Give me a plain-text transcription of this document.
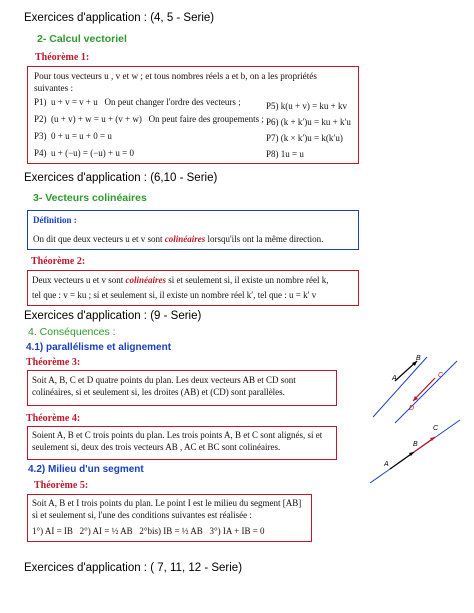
Exercices d'application : (4, 5 - Serie)
2- Calcul vectoriel
Théorème 1:
Pour tous vecteurs u , v et w ; et tous nombres réels a et b, on a les propriétés suivantes :
P1) u + v = v + u On peut changer l'ordre des vecteurs ;
P2) (u + v) + w = u + (v + w) On peut faire des groupements ;
P3) 0 + u = u + 0 = u
P4) u + (−u) = (−u) + u = 0
P5) k(u + v) = ku + kv
P6) (k + k′)u = ku + k′u
P7) (k × k′)u = k(k′u)
P8) 1u = u
Exercices d'application : (6,10 - Serie)
3- Vecteurs colinéaires
Définition :
On dit que deux vecteurs u et v sont colinéaires lorsqu'ils ont la même direction.
Théorème 2:
Deux vecteurs u et v sont colinéaires si et seulement si, il existe un nombre réel k,
tel que : v = ku ; si et seulement si, il existe un nombre réel k′, tel que : u = k′ v
Exercices d'application : (9 - Serie)
4. Conséquences :
4.1) parallélisme et alignement
Théorème 3:
Soit A, B, C et D quatre points du plan. Les deux vecteurs AB et CD sont colinéaires, si et seulement si, les droites (AB) et (CD) sont parallèles.
Théorème 4:
Soient A, B et C trois points du plan. Les trois points A, B et C sont alignés, si et seulement si, deux des trois vecteurs AB , AC et BC sont colinéaires.
4.2) Milieu d'un segment
Théorème 5:
Soit A, B et I trois points du plan. Le point I est le milieu du segment [AB]
si et seulement si, l'une des conditions suivantes est réalisée :
1°) AI = IB 2°) AI = ½ AB 2°bis) IB = ½ AB 3°) IA + IB = 0
Exercices d'application : ( 7, 11, 12 - Serie)
A
B
C
D
A
B
C
